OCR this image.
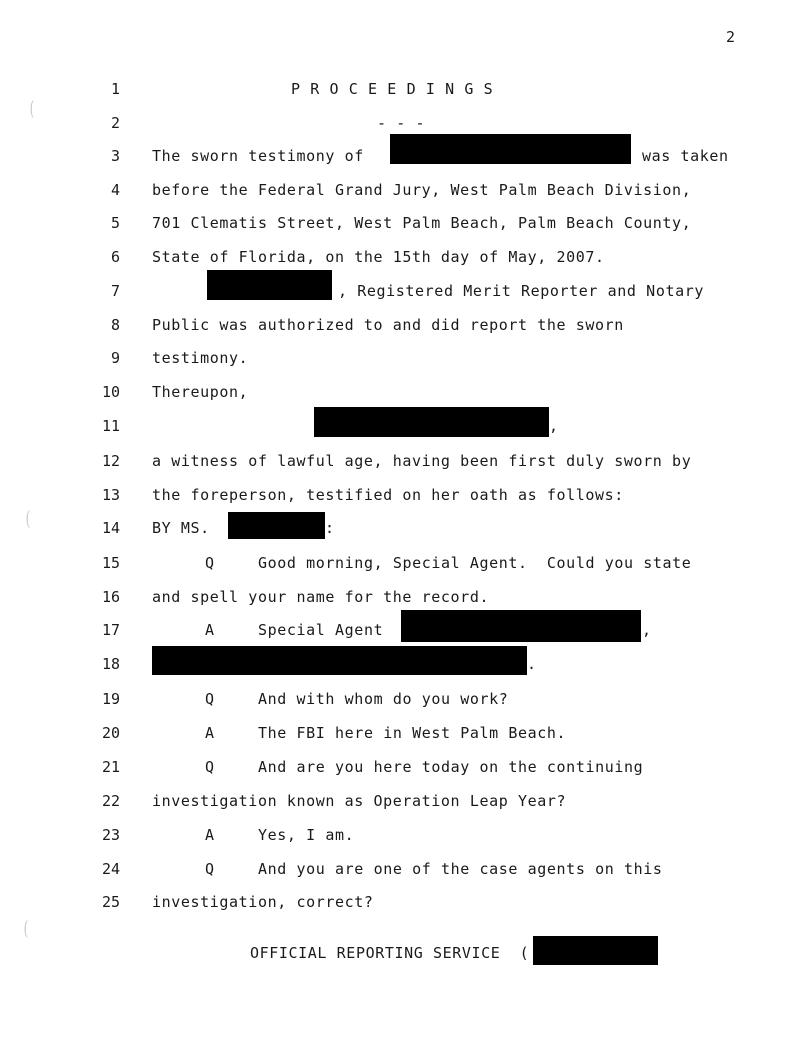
2
(
(
(
1	P R O C E E D I N G S
2	- - -
3 The sworn testimony of	was taken
4 before the Federal Grand Jury, West Palm Beach Division,
5 701 Clematis Street, West Palm Beach, Palm Beach County,
6 State of Florida, on the 15th day of May, 2007.
7	, Registered Merit Reporter and Notary
8 Public was authorized to and did report the sworn
9 testimony.
10 Thereupon,
11	,
12 a witness of lawful age, having been first duly sworn by
13 the foreperson, testified on her oath as follows:
14 BY MS.	:
15	Q	Good morning, Special Agent.  Could you state
16 and spell your name for the record.
17	A	Special Agent	,
18	.
19	Q	And with whom do you work?
20	A	The FBI here in West Palm Beach.
21	Q	And are you here today on the continuing
22 investigation known as Operation Leap Year?
23	A	Yes, I am.
24	Q	And you are one of the case agents on this
25 investigation, correct?
OFFICIAL REPORTING SERVICE  (
